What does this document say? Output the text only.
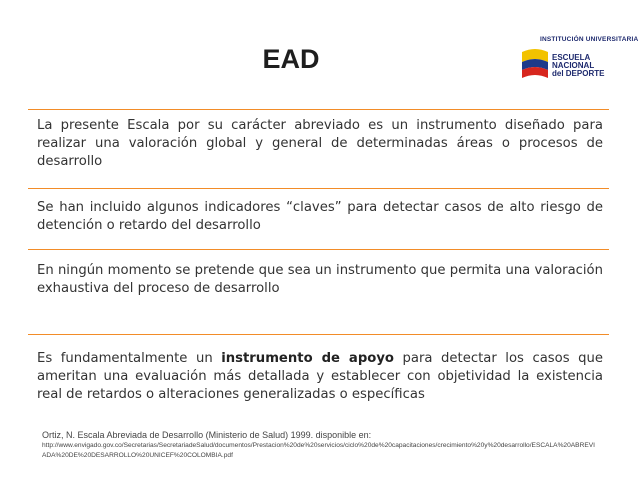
EAD
INSTITUCIÓN UNIVERSITARIA
ESCUELA
NACIONAL
del DEPORTE
La presente Escala por su carácter abreviado es un instrumento diseñado para realizar una valoración global y general de determinadas áreas o procesos de desarrollo
Se han incluido algunos indicadores “claves” para detectar casos de alto riesgo de detención o retardo del desarrollo
En ningún momento se pretende que sea un instrumento que permita una valoración exhaustiva del proceso de desarrollo
Es fundamentalmente un instrumento de apoyo para detectar los casos que ameritan una evaluación más detallada y establecer con objetividad la existencia real de retardos o alteraciones generalizadas o específicas
Ortiz, N. Escala Abreviada de Desarrollo (Ministerio de Salud) 1999. disponible en:
http://www.envigado.gov.co/Secretarias/SecretariadeSalud/documentos/Prestacion%20de%20servicios/ciclo%20de%20capacitaciones/crecimiento%20y%20desarrollo/ESCALA%20ABREVI
ADA%20DE%20DESARROLLO%20UNICEF%20COLOMBIA.pdf
